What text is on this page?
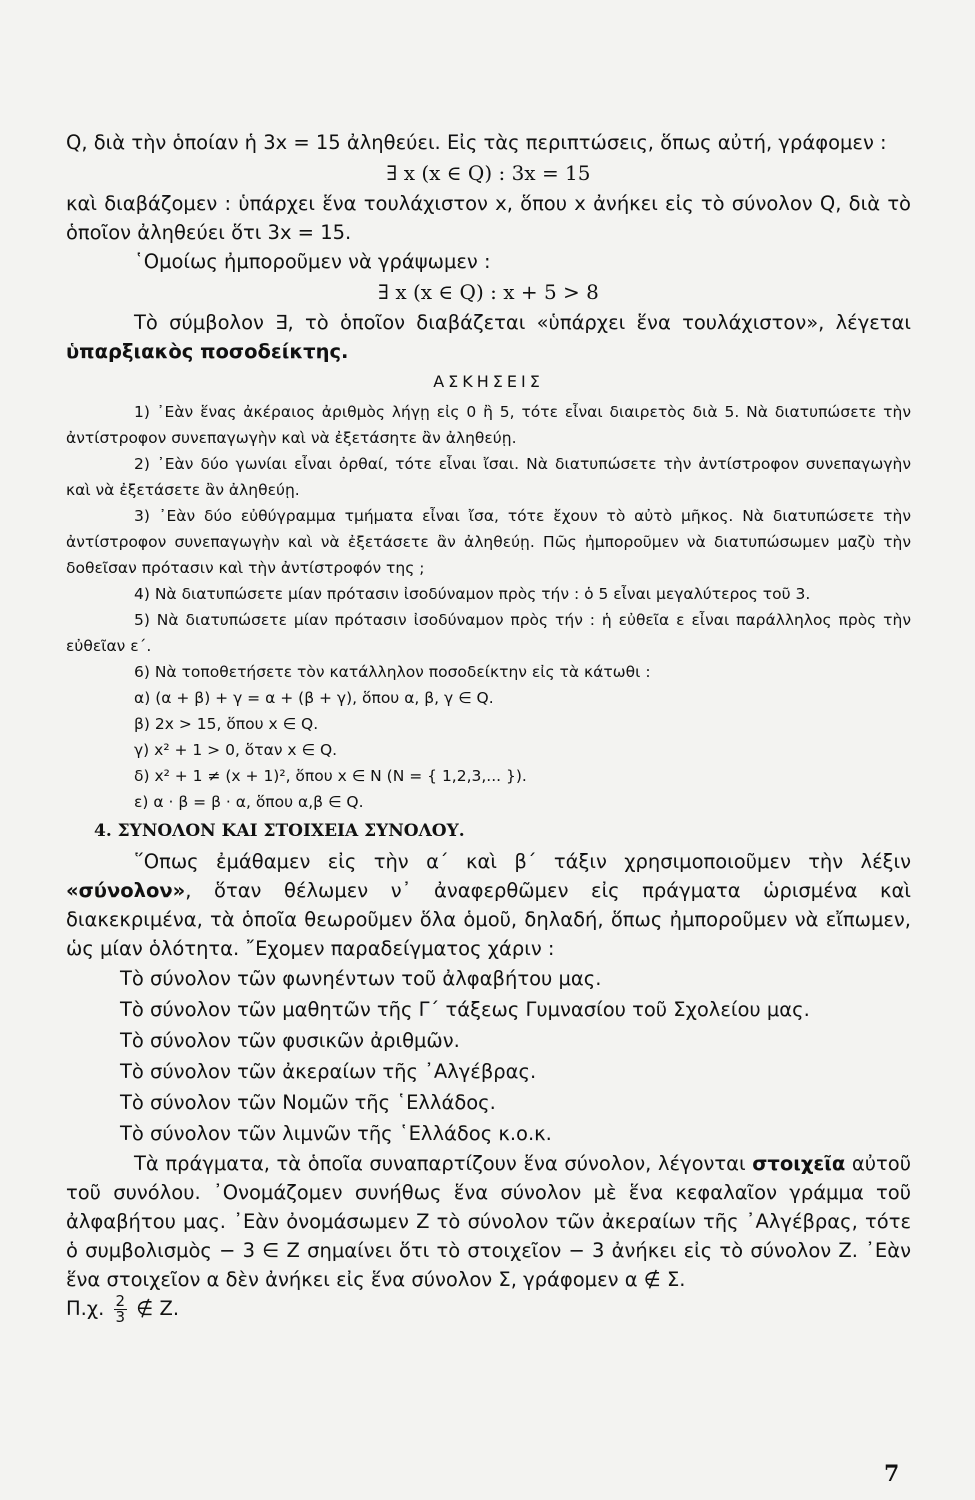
Q, διὰ τὴν ὁποίαν ἡ 3x = 15 ἀληθεύει. Εἰς τὰς περιπτώσεις, ὅπως αὐτή, γράφομεν :

∃ x (x ∈ Q) : 3x = 15

καὶ διαβάζομεν : ὑπάρχει ἕνα τουλάχιστον x, ὅπου x ἀνήκει εἰς τὸ σύνολον Q, διὰ τὸ ὁποῖον ἀληθεύει ὅτι 3x = 15.

῾Ομοίως ἠμποροῦμεν νὰ γράψωμεν :

∃ x (x ∈ Q) : x + 5 > 8

Τὸ σύμβολον ∃, τὸ ὁποῖον διαβάζεται «ὑπάρχει ἕνα τουλάχιστον», λέγεται ὑπαρξιακὸς ποσοδείκτης.

ΑΣΚΗΣΕΙΣ

1) ᾿Εὰν ἕνας ἀκέραιος ἀριθμὸς λήγῃ εἰς 0 ἢ 5, τότε εἶναι διαιρετὸς διὰ 5. Νὰ διατυπώσετε τὴν ἀντίστροφον συνεπαγωγὴν καὶ νὰ ἐξετάσητε ἂν ἀληθεύῃ.

2) ᾿Εὰν δύο γωνίαι εἶναι ὀρθαί, τότε εἶναι ἴσαι. Νὰ διατυπώσετε τὴν ἀντίστροφον συνεπαγωγὴν καὶ νὰ ἐξετάσετε ἂν ἀληθεύῃ.

3) ᾿Εὰν δύο εὐθύγραμμα τμήματα εἶναι ἴσα, τότε ἔχουν τὸ αὐτὸ μῆκος. Νὰ διατυπώσετε τὴν ἀντίστροφον συνεπαγωγὴν καὶ νὰ ἐξετάσετε ἂν ἀληθεύῃ. Πῶς ἠμποροῦμεν νὰ διατυπώσωμεν μαζὺ τὴν δοθεῖσαν πρότασιν καὶ τὴν ἀντίστροφόν της ;

4) Νὰ διατυπώσετε μίαν πρότασιν ἰσοδύναμον πρὸς τήν : ὁ 5 εἶναι μεγαλύτερος τοῦ 3.

5) Νὰ διατυπώσετε μίαν πρότασιν ἰσοδύναμον πρὸς τήν : ἡ εὐθεῖα ε εἶναι παράλληλος πρὸς τὴν εὐθεῖαν ε΄.

6) Νὰ τοποθετήσετε τὸν κατάλληλον ποσοδείκτην εἰς τὰ κάτωθι :

α) (α + β) + γ = α + (β + γ), ὅπου α, β, γ ∈ Q.

β) 2x > 15, ὅπου x ∈ Q.

γ) x² + 1 > 0, ὅταν x ∈ Q.

δ) x² + 1 ≠ (x + 1)², ὅπου x ∈ N (N = { 1,2,3,... }).

ε) α · β = β · α, ὅπου α,β ∈ Q.

4. ΣΥΝΟΛΟΝ ΚΑΙ ΣΤΟΙΧΕΙΑ ΣΥΝΟΛΟΥ.

῞Οπως ἐμάθαμεν εἰς τὴν α΄ καὶ β΄ τάξιν χρησιμοποιοῦμεν τὴν λέξιν «σύνολον», ὅταν θέλωμεν ν᾿ ἀναφερθῶμεν εἰς πράγματα ὡρισμένα καὶ διακεκριμένα, τὰ ὁποῖα θεωροῦμεν ὅλα ὁμοῦ, δηλαδή, ὅπως ἠμποροῦμεν νὰ εἴπωμεν, ὡς μίαν ὁλότητα. ῎Εχομεν παραδείγματος χάριν :

Τὸ σύνολον τῶν φωνηέντων τοῦ ἀλφαβήτου μας.

Τὸ σύνολον τῶν μαθητῶν τῆς Γ΄ τάξεως Γυμνασίου τοῦ Σχολείου μας.

Τὸ σύνολον τῶν φυσικῶν ἀριθμῶν.

Τὸ σύνολον τῶν ἀκεραίων τῆς ᾿Αλγέβρας.

Τὸ σύνολον τῶν Νομῶν τῆς ῾Ελλάδος.

Τὸ σύνολον τῶν λιμνῶν τῆς ῾Ελλάδος κ.ο.κ.

Τὰ πράγματα, τὰ ὁποῖα συναπαρτίζουν ἕνα σύνολον, λέγονται στοιχεῖα αὐτοῦ τοῦ συνόλου. ᾿Ονομάζομεν συνήθως ἕνα σύνολον μὲ ἕνα κεφαλαῖον γράμμα τοῦ ἀλφαβήτου μας. ᾿Εὰν ὀνομάσωμεν Z τὸ σύνολον τῶν ἀκεραίων τῆς ᾿Αλγέβρας, τότε ὁ συμβολισμὸς − 3 ∈ Z σημαίνει ὅτι τὸ στοιχεῖον − 3 ἀνήκει εἰς τὸ σύνολον Z. ᾿Εὰν ἕνα στοιχεῖον α δὲν ἀνήκει εἰς ἕνα σύνολον Σ, γράφομεν α ∉ Σ.

Π.χ. $\frac{2}{3}$ ∉ Z.

7
